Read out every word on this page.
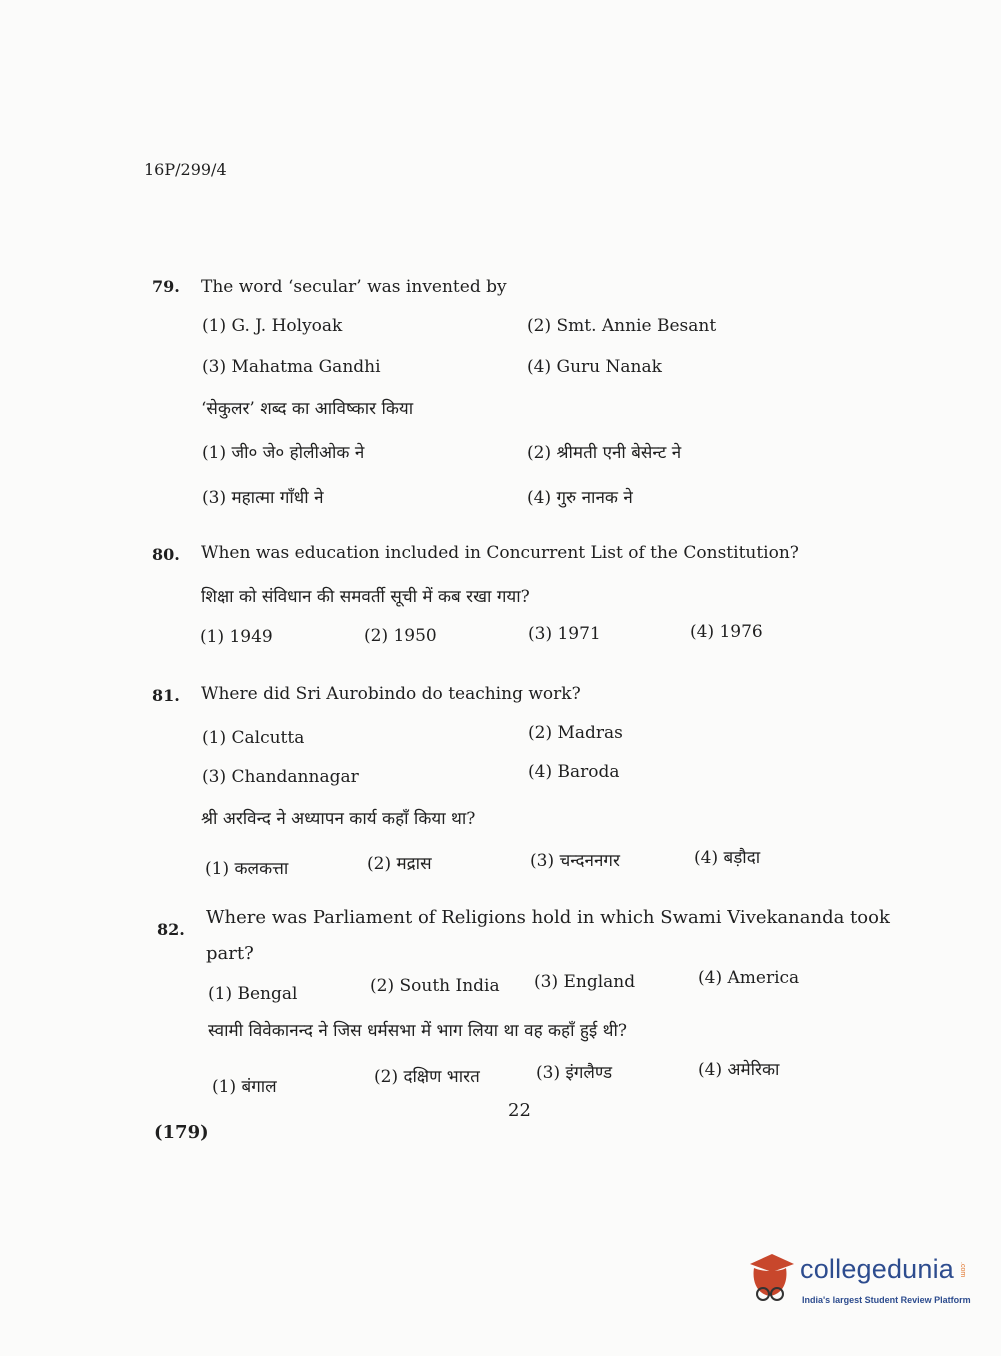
16P/299/4
79. The word ‘secular’ was invented by
(1) G. J. Holyoak	(2) Smt. Annie Besant
(3) Mahatma Gandhi	(4) Guru Nanak
‘सेकुलर’ शब्द का आविष्कार किया
(1) जी० जे० होलीओक ने	(2) श्रीमती एनी बेसेन्ट ने
(3) महात्मा गाँधी ने	(4) गुरु नानक ने
80. When was education included in Concurrent List of the Constitution?
शिक्षा को संविधान की समवर्ती सूची में कब रखा गया?
(1) 1949	(2) 1950	(3) 1971	(4) 1976
81. Where did Sri Aurobindo do teaching work?
(1) Calcutta	(2) Madras
(3) Chandannagar	(4) Baroda
श्री अरविन्द ने अध्यापन कार्य कहाँ किया था?
(1) कलकत्ता	(2) मद्रास	(3) चन्दननगर	(4) बड़ौदा
82.
Where was Parliament of Religions hold in which Swami Vivekananda took
part?
(1) Bengal	(2) South India (3) England	(4) America
स्वामी विवेकानन्द ने जिस धर्मसभा में भाग लिया था वह कहाँ हुई थी?
(1) बंगाल	(2) दक्षिण भारत	(3) इंगलैण्ड	(4) अमेरिका
22
(179)
collegedunia .com
India's largest Student Review Platform
